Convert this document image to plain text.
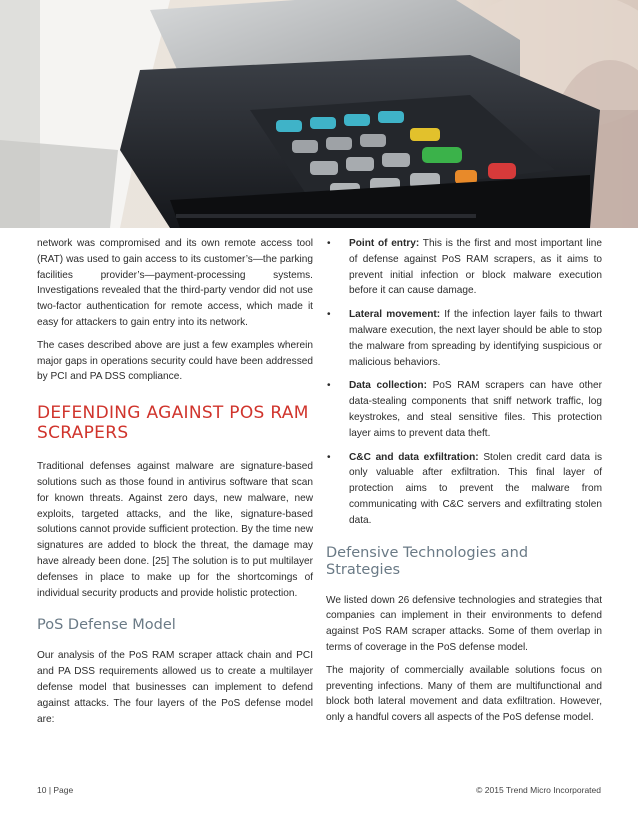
network was compromised and its own remote access tool (RAT) was used to gain access to its customer’s—the parking facilities provider’s—payment-processing systems. Investigations revealed that the third-party vendor did not use two-factor authentication for remote access, which made it easy for attackers to gain entry into its network.

The cases described above are just a few examples wherein major gaps in operations security could have been addressed by PCI and PA DSS compliance.

DEFENDING AGAINST POS RAM SCRAPERS

Traditional defenses against malware are signature-based solutions such as those found in antivirus software that scan for known threats. Against zero days, new malware, new exploits, targeted attacks, and the like, signature-based solutions cannot provide sufficient protection. By the time new signatures are added to block the threat, the damage may have already been done. [25] The solution is to put multilayer defenses in place to make up for the shortcomings of individual security products and provide holistic protection.

PoS Defense Model

Our analysis of the PoS RAM scraper attack chain and PCI and PA DSS requirements allowed us to create a multilayer defense model that businesses can implement to defend against attacks. The four layers of the PoS defense model are:

• Point of entry: This is the first and most important line of defense against PoS RAM scrapers, as it aims to prevent initial infection or block malware execution before it can cause damage.
• Lateral movement: If the infection layer fails to thwart malware execution, the next layer should be able to stop the malware from spreading by identifying suspicious or malicious behaviors.
• Data collection: PoS RAM scrapers can have other data-stealing components that sniff network traffic, log keystrokes, and steal sensitive files. This protection layer aims to prevent data theft.
• C&C and data exfiltration: Stolen credit card data is only valuable after exfiltration. This final layer of protection aims to prevent the malware from communicating with C&C servers and exfiltrating stolen data.
Defensive Technologies and Strategies

We listed down 26 defensive technologies and strategies that companies can implement in their environments to defend against PoS RAM scraper attacks. Some of them overlap in terms of coverage in the PoS defense model.

The majority of commercially available solutions focus on preventing infections. Many of them are multifunctional and block both lateral movement and data exfiltration. However, only a handful covers all aspects of the PoS defense model.

10 | Page	© 2015 Trend Micro Incorporated
